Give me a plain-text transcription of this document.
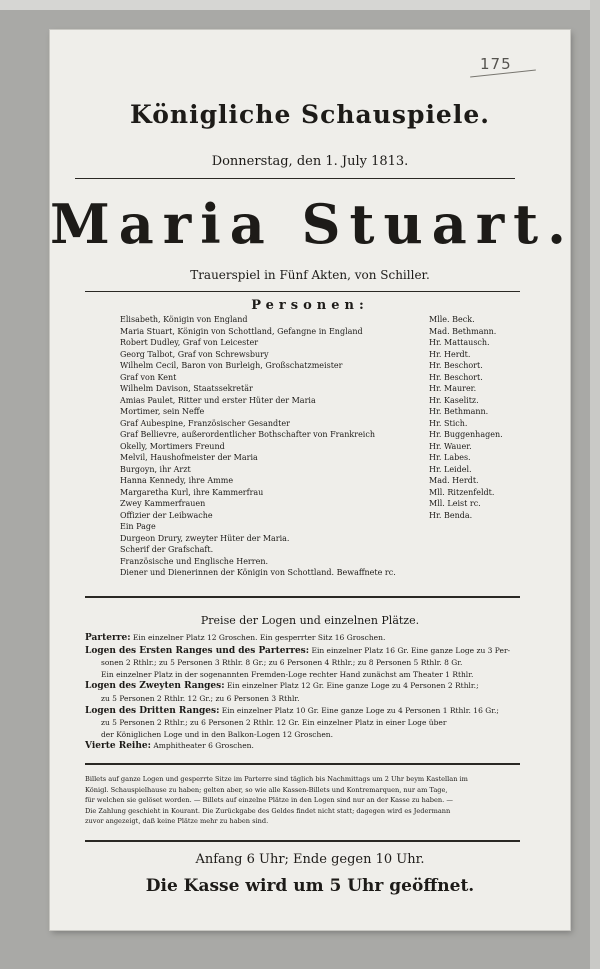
175
Königliche Schauspiele.
Donnerstag, den 1. July 1813.
Maria Stuart.
Trauerspiel in Fünf Akten, von Schiller.
Personen:
Elisabeth, Königin von England	Mlle. Beck.
Maria Stuart, Königin von Schottland, Gefangne in England	Mad. Bethmann.
Robert Dudley, Graf von Leicester	Hr. Mattausch.
Georg Talbot, Graf von Schrewsbury	Hr. Herdt.
Wilhelm Cecil, Baron von Burleigh, Großschatzmeister	Hr. Beschort.
Graf von Kent	Hr. Beschort.
Wilhelm Davison, Staatssekretär	Hr. Maurer.
Amias Paulet, Ritter und erster Hüter der Maria	Hr. Kaselitz.
Mortimer, sein Neffe	Hr. Bethmann.
Graf Aubespine, Französischer Gesandter	Hr. Stich.
Graf Bellievre, außerordentlicher Bothschafter von Frankreich	Hr. Buggenhagen.
Okelly, Mortimers Freund	Hr. Wauer.
Melvil, Haushofmeister der Maria	Hr. Labes.
Burgoyn, ihr Arzt	Hr. Leidel.
Hanna Kennedy, ihre Amme	Mad. Herdt.
Margaretha Kurl, ihre Kammerfrau	Mll. Ritzenfeldt.
Zwey Kammerfrauen	Mll. Leist rc.
Offizier der Leibwache	Hr. Benda.
Ein Page
Durgeon Drury, zweyter Hüter der Maria.
Scherif der Grafschaft.
Französische und Englische Herren.
Diener und Dienerinnen der Königin von Schottland. Bewaffnete rc.
Preise der Logen und einzelnen Plätze.
Parterre: Ein einzelner Platz 12 Groschen. Ein gesperrter Sitz 16 Groschen.
Logen des Ersten Ranges und des Parterres: Ein einzelner Platz 16 Gr. Eine ganze Loge zu 3 Per-
sonen 2 Rthlr.; zu 5 Personen 3 Rthlr. 8 Gr.; zu 6 Personen 4 Rthlr.; zu 8 Personen 5 Rthlr. 8 Gr.
Ein einzelner Platz in der sogenannten Fremden-Loge rechter Hand zunächst am Theater 1 Rthlr.
Logen des Zweyten Ranges: Ein einzelner Platz 12 Gr. Eine ganze Loge zu 4 Personen 2 Rthlr.;
zu 5 Personen 2 Rthlr. 12 Gr.; zu 6 Personen 3 Rthlr.
Logen des Dritten Ranges: Ein einzelner Platz 10 Gr. Eine ganze Loge zu 4 Personen 1 Rthlr. 16 Gr.;
zu 5 Personen 2 Rthlr.; zu 6 Personen 2 Rthlr. 12 Gr. Ein einzelner Platz in einer Loge über
der Königlichen Loge und in den Balkon-Logen 12 Groschen.
Vierte Reihe: Amphitheater 6 Groschen.
Billets auf ganze Logen und gesperrte Sitze im Parterre sind täglich bis Nachmittags um 2 Uhr beym Kastellan im
Königl. Schauspielhause zu haben; gelten aber, so wie alle Kassen-Billets und Kontremarquen, nur am Tage,
für welchen sie gelöset worden. — Billets auf einzelne Plätze in den Logen sind nur an der Kasse zu haben. —
Die Zahlung geschieht in Kourant. Die Zurückgabe des Geldes findet nicht statt; dagegen wird es Jedermann
zuvor angezeigt, daß keine Plätze mehr zu haben sind.
Anfang 6 Uhr; Ende gegen 10 Uhr.
Die Kasse wird um 5 Uhr geöffnet.
